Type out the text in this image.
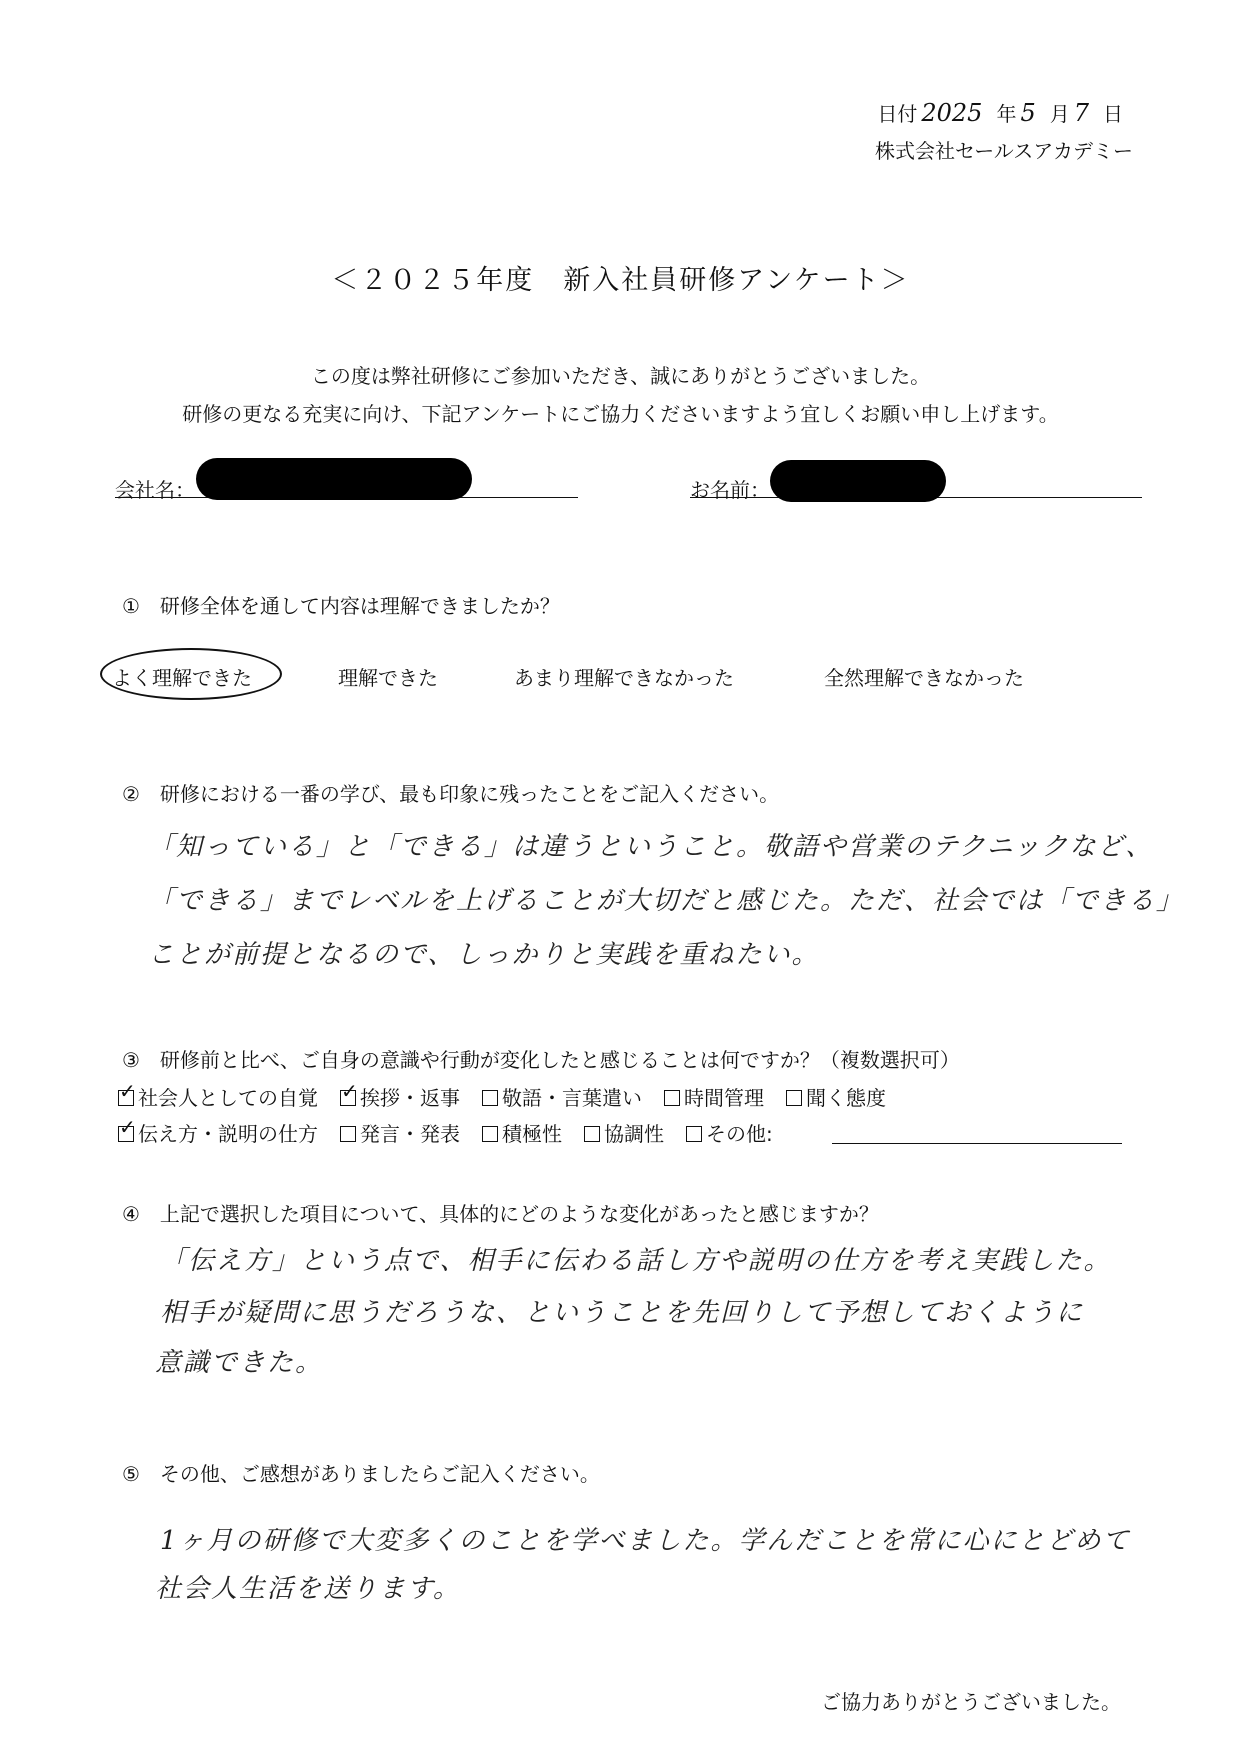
日付 2025 年 5 月 7 日
株式会社セールスアカデミー
＜２０２５年度　新入社員研修アンケート＞
この度は弊社研修にご参加いただき、誠にありがとうございました。
研修の更なる充実に向け、下記アンケートにご協力くださいますよう宜しくお願い申し上げます。
会社名：	お名前：
①　研修全体を通して内容は理解できましたか？
よく理解できた	理解できた	あまり理解できなかった	全然理解できなかった
②　研修における一番の学び、最も印象に残ったことをご記入ください。
「知っている」と「できる」は違うということ。敬語や営業のテクニックなど、
「できる」までレベルを上げることが大切だと感じた。ただ、社会では「できる」
ことが前提となるので、しっかりと実践を重ねたい。
③　研修前と比べ、ご自身の意識や行動が変化したと感じることは何ですか？（複数選択可）
✓社会人としての自覚 ✓ 挨拶・返事 敬語・言葉遣い 時間管理 聞く態度
✓伝え方・説明の仕方 発言・発表 積極性 協調性 その他:
④　上記で選択した項目について、具体的にどのような変化があったと感じますか？
「伝え方」という点で、相手に伝わる話し方や説明の仕方を考え実践した。
相手が疑問に思うだろうな、ということを先回りして予想しておくように
意識できた。
⑤　その他、ご感想がありましたらご記入ください。
1ヶ月の研修で大変多くのことを学べました。学んだことを常に心にとどめて
社会人生活を送ります。
ご協力ありがとうございました。
